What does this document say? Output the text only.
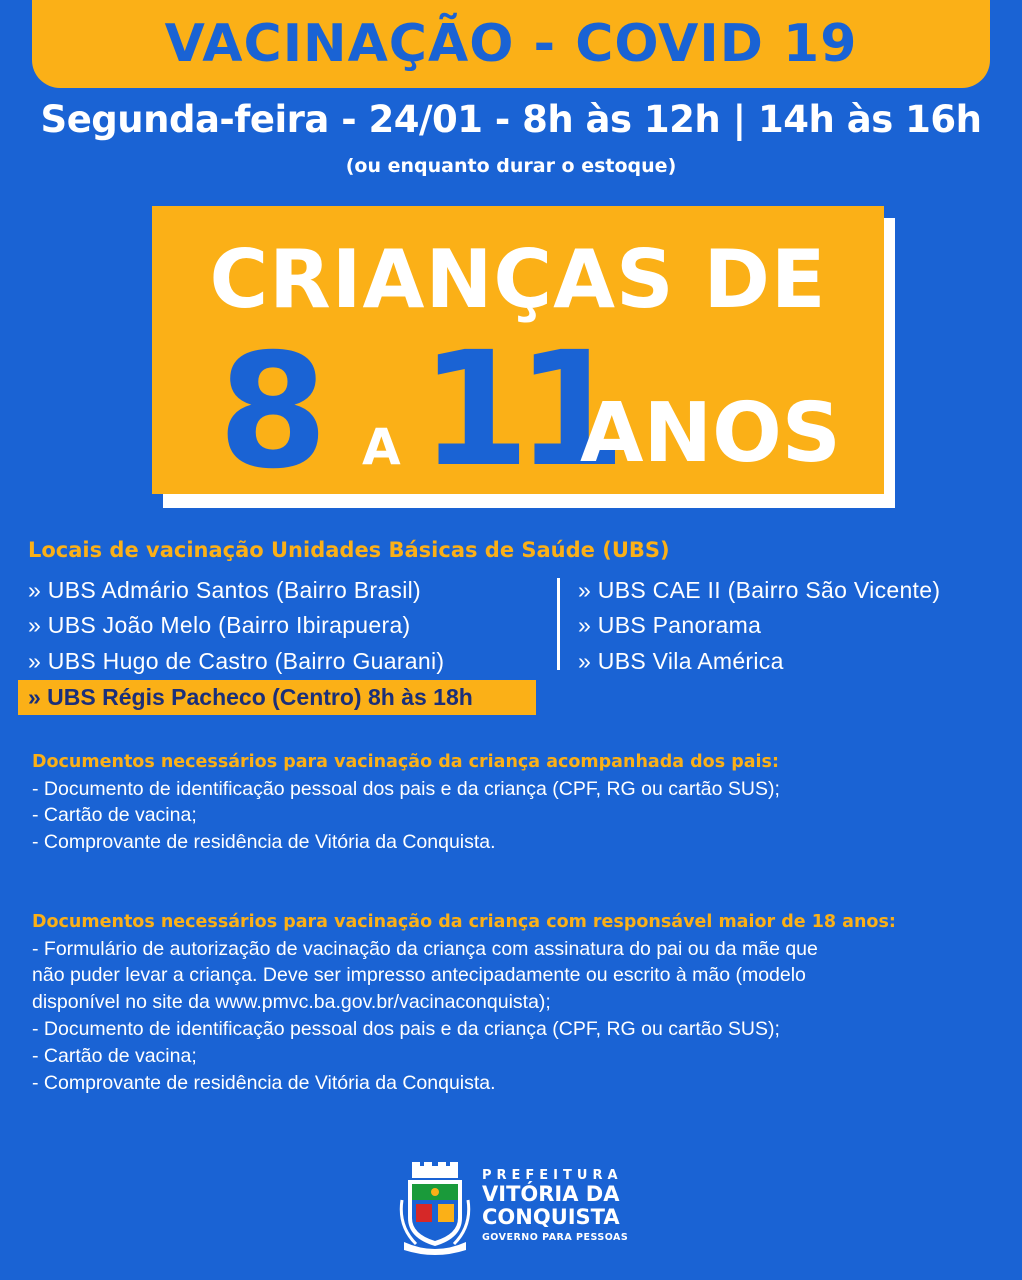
VACINAÇÃO - COVID 19
Segunda-feira - 24/01 - 8h às 12h | 14h às 16h
(ou enquanto durar o estoque)
CRIANÇAS DE
8 A 11
ANOS
Locais de vacinação Unidades Básicas de Saúde (UBS)
» UBS Admário Santos (Bairro Brasil)
» UBS João Melo (Bairro Ibirapuera)
» UBS Hugo de Castro (Bairro Guarani)
» UBS CAE II (Bairro São Vicente)
» UBS Panorama
» UBS Vila América
» UBS Régis Pacheco (Centro) 8h às 18h
Documentos necessários para vacinação da criança acompanhada dos pais:
- Documento de identificação pessoal dos pais e da criança (CPF, RG ou cartão SUS);
- Cartão de vacina;
- Comprovante de residência de Vitória da Conquista.
Documentos necessários para vacinação da criança com responsável maior de 18 anos:
- Formulário de autorização de vacinação da criança com assinatura do pai ou da mãe que
não puder levar a criança. Deve ser impresso antecipadamente ou escrito à mão (modelo
disponível no site da www.pmvc.ba.gov.br/vacinaconquista);
- Documento de identificação pessoal dos pais e da criança (CPF, RG ou cartão SUS);
- Cartão de vacina;
- Comprovante de residência de Vitória da Conquista.
PREFEITURA
VITÓRIA DA
CONQUISTA
GOVERNO PARA PESSOAS
